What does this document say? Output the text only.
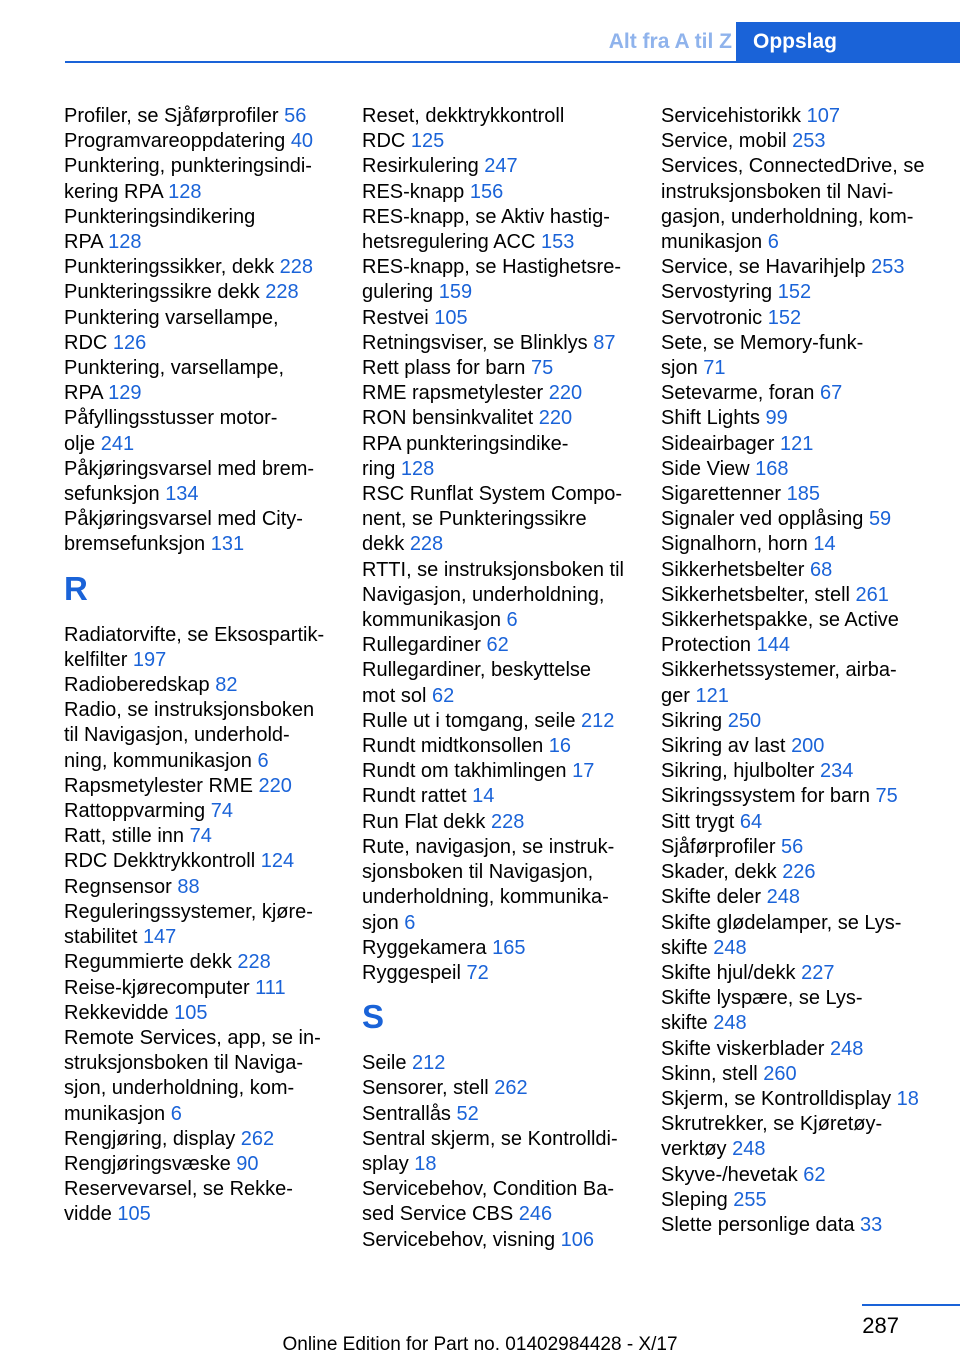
Alt fra A til Z	Oppslag
Profiler, se Sjåførprofiler 56
Programvareoppdatering 40
Punktering, punkteringsindi-
kering RPA 128
Punkteringsindikering
RPA 128
Punkteringssikker, dekk 228
Punkteringssikre dekk 228
Punktering varsellampe,
RDC 126
Punktering, varsellampe,
RPA 129
Påfyllingsstusser motor-
olje 241
Påkjøringsvarsel med brem-
sefunksjon 134
Påkjøringsvarsel med City-
bremsefunksjon 131
R
Radiatorvifte, se Eksospartik-
kelfilter 197
Radioberedskap 82
Radio, se instruksjonsboken
til Navigasjon, underhold-
ning, kommunikasjon 6
Rapsmetylester RME 220
Rattoppvarming 74
Ratt, stille inn 74
RDC Dekktrykkontroll 124
Regnsensor 88
Reguleringssystemer, kjøre-
stabilitet 147
Regummierte dekk 228
Reise-kjørecomputer 111
Rekkevidde 105
Remote Services, app, se in-
struksjonsboken til Naviga-
sjon, underholdning, kom-
munikasjon 6
Rengjøring, display 262
Rengjøringsvæske 90
Reservevarsel, se Rekke-
vidde 105
Reset, dekktrykkontroll
RDC 125
Resirkulering 247
RES-knapp 156
RES-knapp, se Aktiv hastig-
hetsregulering ACC 153
RES-knapp, se Hastighetsre-
gulering 159
Restvei 105
Retningsviser, se Blinklys 87
Rett plass for barn 75
RME rapsmetylester 220
RON bensinkvalitet 220
RPA punkteringsindike-
ring 128
RSC Runflat System Compo-
nent, se Punkteringssikre
dekk 228
RTTI, se instruksjonsboken til
Navigasjon, underholdning,
kommunikasjon 6
Rullegardiner 62
Rullegardiner, beskyttelse
mot sol 62
Rulle ut i tomgang, seile 212
Rundt midtkonsollen 16
Rundt om takhimlingen 17
Rundt rattet 14
Run Flat dekk 228
Rute, navigasjon, se instruk-
sjonsboken til Navigasjon,
underholdning, kommunika-
sjon 6
Ryggekamera 165
Ryggespeil 72
S
Seile 212
Sensorer, stell 262
Sentrallås 52
Sentral skjerm, se Kontrolldi-
splay 18
Servicebehov, Condition Ba-
sed Service CBS 246
Servicebehov, visning 106
Servicehistorikk 107
Service, mobil 253
Services, ConnectedDrive, se
instruksjonsboken til Navi-
gasjon, underholdning, kom-
munikasjon 6
Service, se Havarihjelp 253
Servostyring 152
Servotronic 152
Sete, se Memory-funk-
sjon 71
Setevarme, foran 67
Shift Lights 99
Sideairbager 121
Side View 168
Sigarettenner 185
Signaler ved opplåsing 59
Signalhorn, horn 14
Sikkerhetsbelter 68
Sikkerhetsbelter, stell 261
Sikkerhetspakke, se Active
Protection 144
Sikkerhetssystemer, airba-
ger 121
Sikring 250
Sikring av last 200
Sikring, hjulbolter 234
Sikringssystem for barn 75
Sitt trygt 64
Sjåførprofiler 56
Skader, dekk 226
Skifte deler 248
Skifte glødelamper, se Lys-
skifte 248
Skifte hjul/dekk 227
Skifte lyspære, se Lys-
skifte 248
Skifte viskerblader 248
Skinn, stell 260
Skjerm, se Kontrolldisplay 18
Skrutrekker, se Kjøretøy-
verktøy 248
Skyve-/hevetak 62
Sleping 255
Slette personlige data 33
287
Online Edition for Part no. 01402984428 - X/17
